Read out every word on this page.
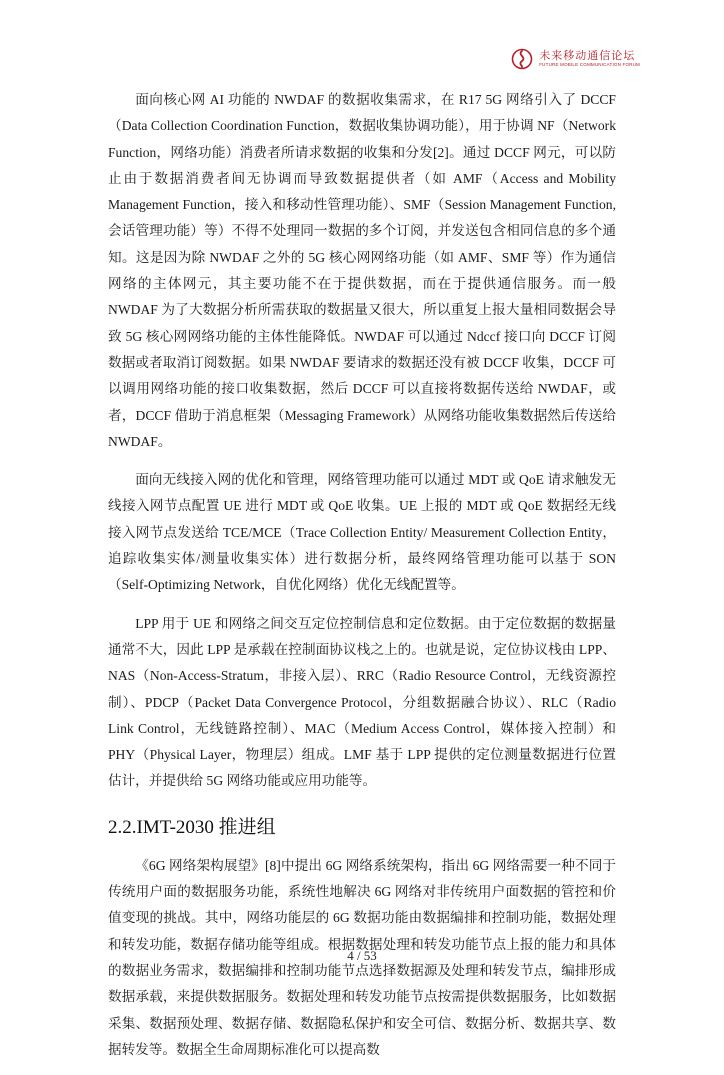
未来移动通信论坛
FUTURE MOBILE COMMUNICATION FORUM

面向核心网 AI 功能的 NWDAF 的数据收集需求，在 R17 5G 网络引入了 DCCF（Data Collection Coordination Function，数据收集协调功能），用于协调 NF（Network Function，网络功能）消费者所请求数据的收集和分发[2]。通过 DCCF 网元，可以防止由于数据消费者间无协调而导致数据提供者（如 AMF（Access and Mobility Management Function，接入和移动性管理功能）、SMF（Session Management Function, 会话管理功能）等）不得不处理同一数据的多个订阅，并发送包含相同信息的多个通知。这是因为除 NWDAF 之外的 5G 核心网网络功能（如 AMF、SMF 等）作为通信网络的主体网元，其主要功能不在于提供数据，而在于提供通信服务。而一般 NWDAF 为了大数据分析所需获取的数据量又很大，所以重复上报大量相同数据会导致 5G 核心网网络功能的主体性能降低。NWDAF 可以通过 Ndccf 接口向 DCCF 订阅数据或者取消订阅数据。如果 NWDAF 要请求的数据还没有被 DCCF 收集，DCCF 可以调用网络功能的接口收集数据，然后 DCCF 可以直接将数据传送给 NWDAF，或者，DCCF 借助于消息框架（Messaging Framework）从网络功能收集数据然后传送给 NWDAF。

面向无线接入网的优化和管理，网络管理功能可以通过 MDT 或 QoE 请求触发无线接入网节点配置 UE 进行 MDT 或 QoE 收集。UE 上报的 MDT 或 QoE 数据经无线接入网节点发送给 TCE/MCE（Trace Collection Entity/ Measurement Collection Entity，追踪收集实体/测量收集实体）进行数据分析，最终网络管理功能可以基于 SON（Self-Optimizing Network，自优化网络）优化无线配置等。

LPP 用于 UE 和网络之间交互定位控制信息和定位数据。由于定位数据的数据量通常不大，因此 LPP 是承载在控制面协议栈之上的。也就是说，定位协议栈由 LPP、NAS（Non-Access-Stratum，非接入层）、RRC（Radio Resource Control，无线资源控制）、PDCP（Packet Data Convergence Protocol，分组数据融合协议）、RLC（Radio Link Control，无线链路控制）、MAC（Medium Access Control，媒体接入控制）和 PHY（Physical Layer，物理层）组成。LMF 基于 LPP 提供的定位测量数据进行位置估计，并提供给 5G 网络功能或应用功能等。

2.2.IMT-2030 推进组

《6G 网络架构展望》[8]中提出 6G 网络系统架构，指出 6G 网络需要一种不同于传统用户面的数据服务功能，系统性地解决 6G 网络对非传统用户面数据的管控和价值变现的挑战。其中，网络功能层的 6G 数据功能由数据编排和控制功能，数据处理和转发功能，数据存储功能等组成。根据数据处理和转发功能节点上报的能力和具体的数据业务需求，数据编排和控制功能节点选择数据源及处理和转发节点，编排形成数据承载，来提供数据服务。数据处理和转发功能节点按需提供数据服务，比如数据采集、数据预处理、数据存储、数据隐私保护和安全可信、数据分析、数据共享、数据转发等。数据全生命周期标准化可以提高数

4 / 53
